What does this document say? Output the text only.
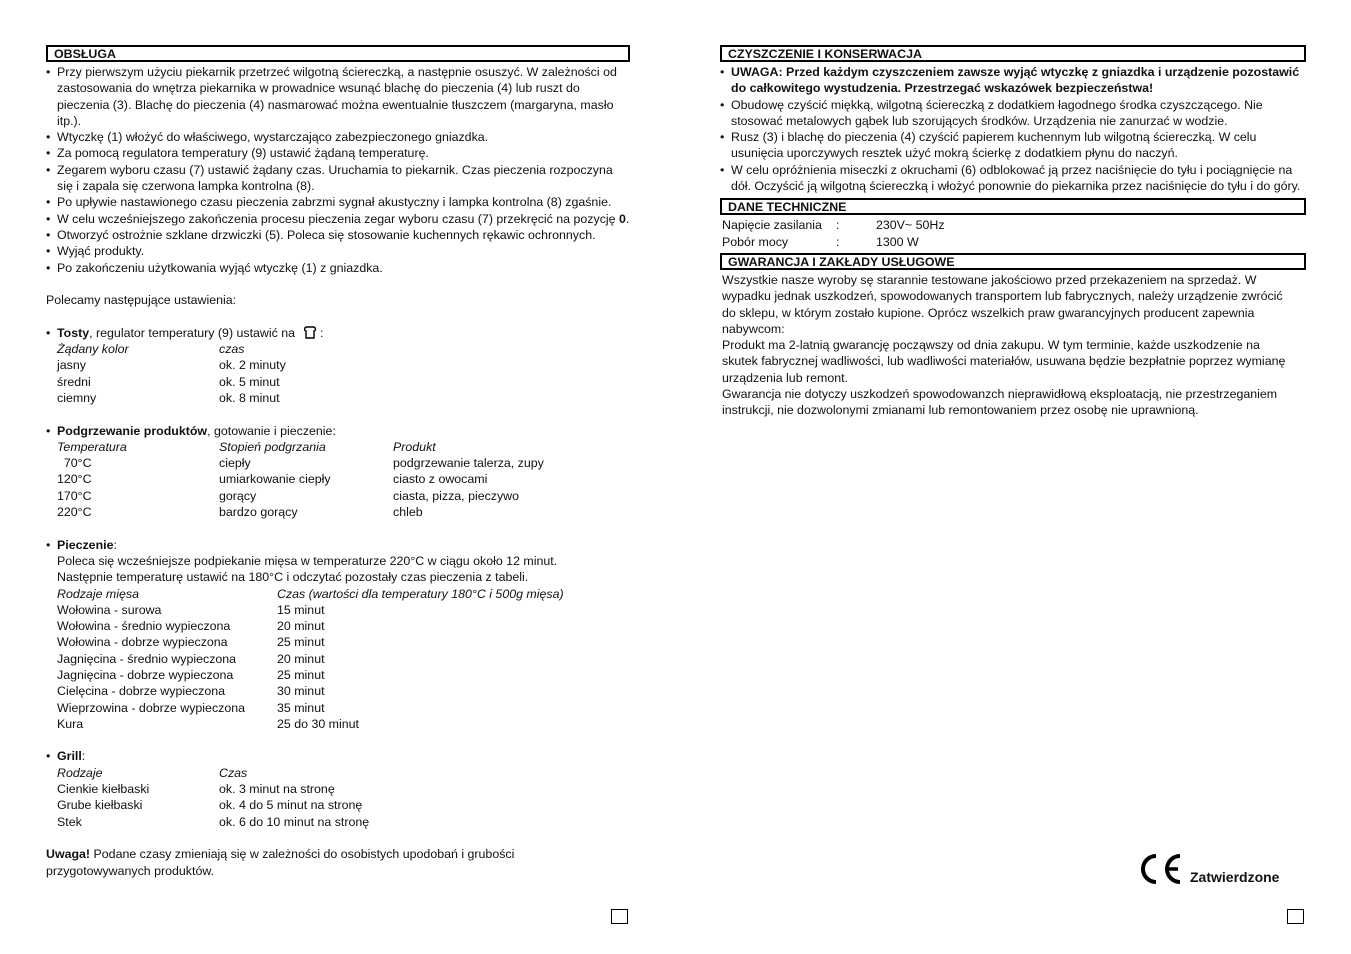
OBSŁUGA
• Przy pierwszym użyciu piekarnik przetrzeć wilgotną ściereczką, a następnie osuszyć. W zależności od zastosowania do wnętrza piekarnika w prowadnice wsunąć blachę do pieczenia (4) lub ruszt do pieczenia (3). Blachę do pieczenia (4) nasmarować można ewentualnie tłuszczem (margaryna, masło itp.).
• Wtyczkę (1) włożyć do właściwego, wystarczająco zabezpieczonego gniazdka.
• Za pomocą regulatora temperatury (9) ustawić żądaną temperaturę.
• Zegarem wyboru czasu (7) ustawić żądany czas. Uruchamia to piekarnik. Czas pieczenia rozpoczyna się i zapala się czerwona lampka kontrolna (8).
• Po upływie nastawionego czasu pieczenia zabrzmi sygnał akustyczny i lampka kontrolna (8) zgaśnie.
• W celu wcześniejszego zakończenia procesu pieczenia zegar wyboru czasu (7) przekręcić na pozycję 0.
• Otworzyć ostrożnie szklane drzwiczki (5). Poleca się stosowanie kuchennych rękawic ochronnych.
• Wyjąć produkty.
• Po zakończeniu użytkowania wyjąć wtyczkę (1) z gniazdka.
Polecamy następujące ustawienia:
• Tosty, regulator temperatury (9) ustawić na :
Żądany kolor	czas
jasny	ok. 2 minuty
średni	ok. 5 minut
ciemny	ok. 8 minut
• Podgrzewanie produktów, gotowanie i pieczenie:
Temperatura	Stopień podgrzania	Produkt
70°C	ciepły	podgrzewanie talerza, zupy
120°C	umiarkowanie ciepły	ciasto z owocami
170°C	gorący	ciasta, pizza, pieczywo
220°C	bardzo gorący	chleb
• Pieczenie:
Poleca się wcześniejsze podpiekanie mięsa w temperaturze 220°C w ciągu około 12 minut.
Następnie temperaturę ustawić na 180°C i odczytać pozostały czas pieczenia z tabeli.
Rodzaje mięsa	Czas (wartości dla temperatury 180°C i 500g mięsa)
Wołowina - surowa	15 minut
Wołowina - średnio wypieczona	20 minut
Wołowina - dobrze wypieczona	25 minut
Jagnięcina - średnio wypieczona	20 minut
Jagnięcina - dobrze wypieczona	25 minut
Cielęcina - dobrze wypieczona	30 minut
Wieprzowina - dobrze wypieczona	35 minut
Kura	25 do 30 minut
• Grill:
Rodzaje	Czas
Cienkie kiełbaski	ok. 3 minut na stronę
Grube kiełbaski	ok. 4 do 5 minut na stronę
Stek	ok. 6 do 10 minut na stronę
Uwaga! Podane czasy zmieniają się w zależności do osobistych upodobań i grubości przygotowywanych produktów.
CZYSZCZENIE I KONSERWACJA
• UWAGA: Przed każdym czyszczeniem zawsze wyjąć wtyczkę z gniazdka i urządzenie pozostawić do całkowitego wystudzenia. Przestrzegać wskazówek bezpieczeństwa!
• Obudowę czyścić miękką, wilgotną ściereczką z dodatkiem łagodnego środka czyszczącego. Nie stosować metalowych gąbek lub szorujących środków. Urządzenia nie zanurzać w wodzie.
• Rusz (3) i blachę do pieczenia (4) czyścić papierem kuchennym lub wilgotną ściereczką. W celu usunięcia uporczywych resztek użyć mokrą ścierkę z dodatkiem płynu do naczyń.
• W celu opróżnienia miseczki z okruchami (6) odblokować ją przez naciśnięcie do tyłu i pociągnięcie na dół. Oczyścić ją wilgotną ściereczką i włożyć ponownie do piekarnika przez naciśnięcie do tyłu i do góry.
DANE TECHNICZNE
Napięcie zasilania	:	230V~ 50Hz
Pobór mocy	:	1300 W
GWARANCJA I ZAKŁADY USŁUGOWE
Wszystkie nasze wyroby sę starannie testowane jakościowo przed przekazeniem na sprzedaż. W wypadku jednak uszkodzeń, spowodowanych transportem lub fabrycznych, należy urządzenie zwrócić do sklepu, w którym zostało kupione. Oprócz wszelkich praw gwarancyjnych producent zapewnia nabywcom:
Produkt ma 2-latnią gwarancję począwszy od dnia zakupu. W tym terminie, każde uszkodzenie na skutek fabrycznej wadliwości, lub wadliwości materiałów, usuwana będzie bezpłatnie poprzez wymianę urządzenia lub remont.
Gwarancja nie dotyczy uszkodzeń spowodowanzch nieprawidłową eksploatacją, nie przestrzeganiem instrukcji, nie dozwolonymi zmianami lub remontowaniem przez osobę nie uprawnioną.
Zatwierdzone
